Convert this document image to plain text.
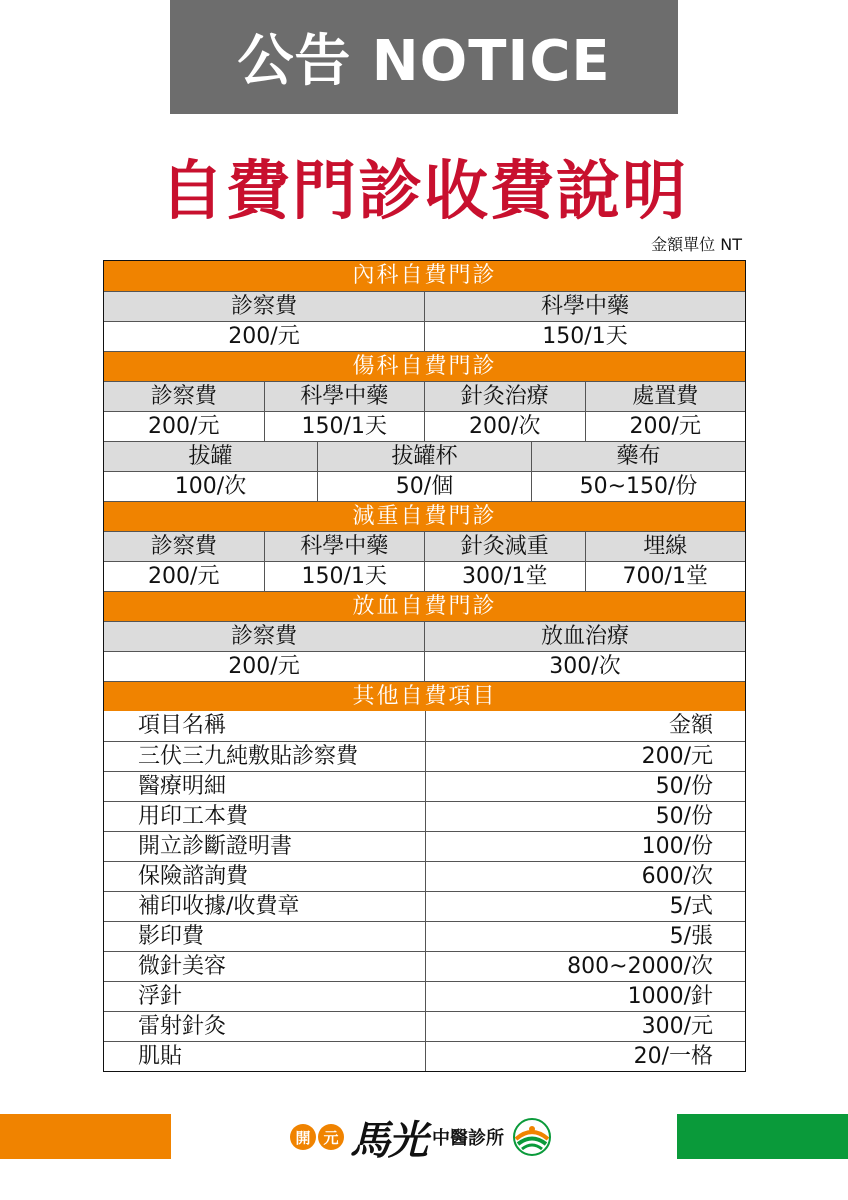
公告 NOTICE
自費門診收費說明
金額單位 NT
內科自費門診
診察費	科學中藥
200/元	150/1天
傷科自費門診
診察費	科學中藥	針灸治療	處置費
200/元	150/1天	200/次	200/元
拔罐	拔罐杯	藥布
100/次	50/個	50~150/份
減重自費門診
診察費	科學中藥	針灸減重	埋線
200/元	150/1天	300/1堂	700/1堂
放血自費門診
診察費	放血治療
200/元	300/次
其他自費項目
項目名稱	金額
三伏三九純敷貼診察費	200/元
醫療明細	50/份
用印工本費	50/份
開立診斷證明書	100/份
保險諮詢費	600/次
補印收據/收費章	5/式
影印費	5/張
微針美容	800~2000/次
浮針	1000/針
雷射針灸	300/元
肌貼	20/一格
開 元 馬光 中醫診所
